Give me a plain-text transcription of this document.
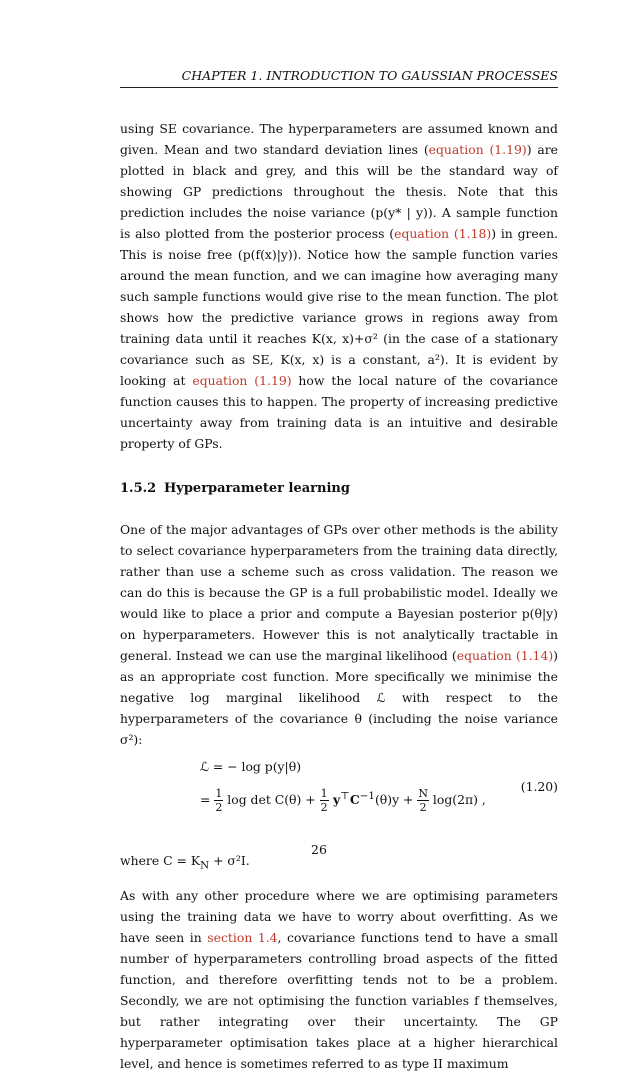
CHAPTER 1. INTRODUCTION TO GAUSSIAN PROCESSES

using SE covariance. The hyperparameters are assumed known and given. Mean and two standard deviation lines (equation (1.19)) are plotted in black and grey, and this will be the standard way of showing GP predictions throughout the thesis. Note that this prediction includes the noise variance (p(y* | y)). A sample function is also plotted from the posterior process (equation (1.18)) in green. This is noise free (p(f(x)|y)). Notice how the sample function varies around the mean function, and we can imagine how averaging many such sample functions would give rise to the mean function. The plot shows how the predictive variance grows in regions away from training data until it reaches K(x, x)+σ² (in the case of a stationary covariance such as SE, K(x, x) is a constant, a²). It is evident by looking at equation (1.19) how the local nature of the covariance function causes this to happen. The property of increasing predictive uncertainty away from training data is an intuitive and desirable property of GPs.

1.5.2 Hyperparameter learning

One of the major advantages of GPs over other methods is the ability to select covariance hyperparameters from the training data directly, rather than use a scheme such as cross validation. The reason we can do this is because the GP is a full probabilistic model. Ideally we would like to place a prior and compute a Bayesian posterior p(θ|y) on hyperparameters. However this is not analytically tractable in general. Instead we can use the marginal likelihood (equation (1.14)) as an appropriate cost function. More specifically we minimise the negative log marginal likelihood ℒ with respect to the hyperparameters of the covariance θ (including the noise variance σ²):

ℒ = − log p(y|θ)
= $\frac{1}{2}$ $\log \det C(\theta) + \frac{1}{2} y^⊤C^{-1}(\theta)y + \frac{N}{2} \log(2\pi)$ ,
(1.20)

where $C = K_N + \sigma^2I$.

As with any other procedure where we are optimising parameters using the training data we have to worry about overfitting. As we have seen in section 1.4, covariance functions tend to have a small number of hyperparameters controlling broad aspects of the fitted function, and therefore overfitting tends not to be a problem. Secondly, we are not optimising the function variables f themselves, but rather integrating over their uncertainty. The GP hyperparameter optimisation takes place at a higher hierarchical level, and hence is sometimes referred to as type II maximum

26
